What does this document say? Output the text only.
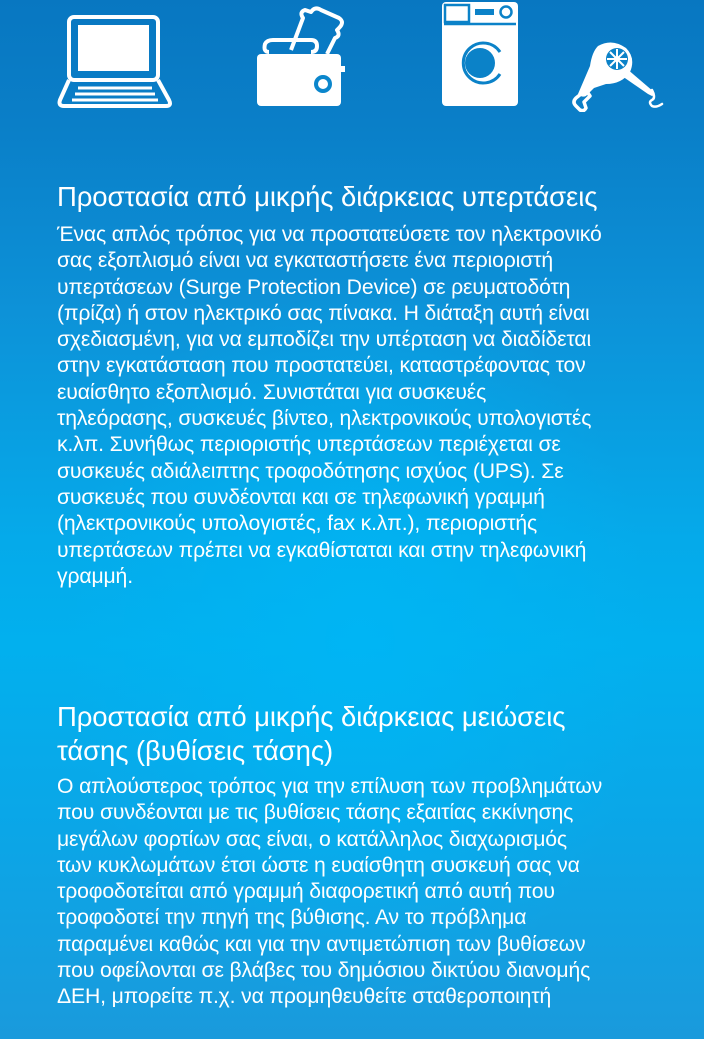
Προστασία από μικρής διάρκειας υπερτάσεις

Ένας απλός τρόπος για να προστατεύσετε τον ηλεκτρονικό
σας εξοπλισμό είναι να εγκαταστήσετε ένα περιοριστή
υπερτάσεων (Surge Protection Device) σε ρευματοδότη
(πρίζα) ή στον ηλεκτρικό σας πίνακα. Η διάταξη αυτή είναι
σχεδιασμένη, για να εμποδίζει την υπέρταση να διαδίδεται
στην εγκατάσταση που προστατεύει, καταστρέφοντας τον
ευαίσθητο εξοπλισμό. Συνιστάται για συσκευές
τηλεόρασης, συσκευές βίντεο, ηλεκτρονικούς υπολογιστές
κ.λπ. Συνήθως περιοριστής υπερτάσεων περιέχεται σε
συσκευές αδιάλειπτης τροφοδότησης ισχύος (UPS). Σε
συσκευές που συνδέονται και σε τηλεφωνική γραμμή
(ηλεκτρονικούς υπολογιστές, fax κ.λπ.), περιοριστής
υπερτάσεων πρέπει να εγκαθίσταται και στην τηλεφωνική
γραμμή.

Προστασία από μικρής διάρκειας μειώσεις
τάσης (βυθίσεις τάσης)

Ο απλούστερος τρόπος για την επίλυση των προβλημάτων
που συνδέονται με τις βυθίσεις τάσης εξαιτίας εκκίνησης
μεγάλων φορτίων σας είναι, ο κατάλληλος διαχωρισμός
των κυκλωμάτων έτσι ώστε η ευαίσθητη συσκευή σας να
τροφοδοτείται από γραμμή διαφορετική από αυτή που
τροφοδοτεί την πηγή της βύθισης. Αν το πρόβλημα
παραμένει καθώς και για την αντιμετώπιση των βυθίσεων
που οφείλονται σε βλάβες του δημόσιου δικτύου διανομής
ΔΕΗ, μπορείτε π.χ. να προμηθευθείτε σταθεροποιητή
